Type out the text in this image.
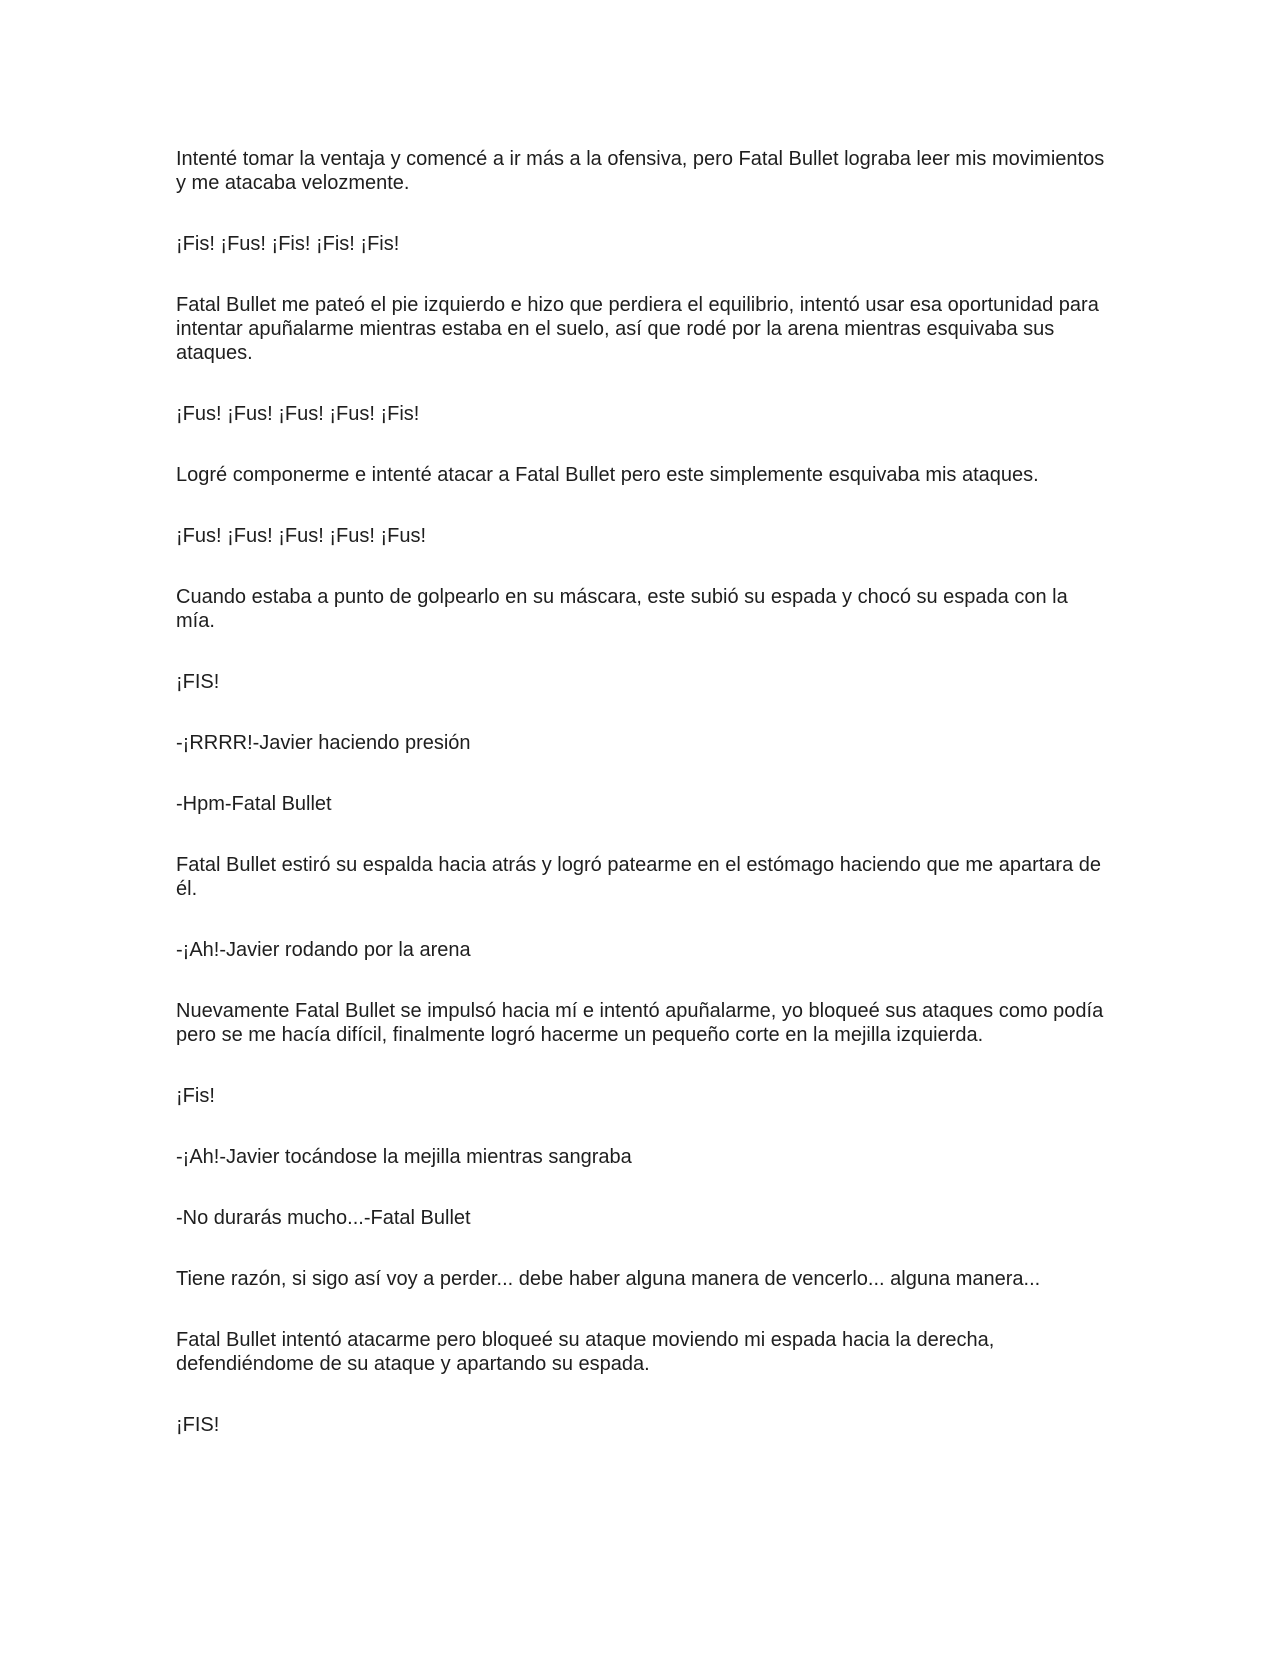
Intenté tomar la ventaja y comencé a ir más a la ofensiva, pero Fatal Bullet lograba leer mis movimientos y me atacaba velozmente.

¡Fis! ¡Fus! ¡Fis! ¡Fis! ¡Fis!

Fatal Bullet me pateó el pie izquierdo e hizo que perdiera el equilibrio, intentó usar esa oportunidad para intentar apuñalarme mientras estaba en el suelo, así que rodé por la arena mientras esquivaba sus ataques.

¡Fus! ¡Fus! ¡Fus! ¡Fus! ¡Fis!

Logré componerme e intenté atacar a Fatal Bullet pero este simplemente esquivaba mis ataques.

¡Fus! ¡Fus! ¡Fus! ¡Fus! ¡Fus!

Cuando estaba a punto de golpearlo en su máscara, este subió su espada y chocó su espada con la mía.

¡FIS!

-¡RRRR!-Javier haciendo presión

-Hpm-Fatal Bullet

Fatal Bullet estiró su espalda hacia atrás y logró patearme en el estómago haciendo que me apartara de él.

-¡Ah!-Javier rodando por la arena

Nuevamente Fatal Bullet se impulsó hacia mí e intentó apuñalarme, yo bloqueé sus ataques como podía pero se me hacía difícil, finalmente logró hacerme un pequeño corte en la mejilla izquierda.

¡Fis!

-¡Ah!-Javier tocándose la mejilla mientras sangraba

-No durarás mucho...-Fatal Bullet

Tiene razón, si sigo así voy a perder... debe haber alguna manera de vencerlo... alguna manera...

Fatal Bullet intentó atacarme pero bloqueé su ataque moviendo mi espada hacia la derecha, defendiéndome de su ataque y apartando su espada.

¡FIS!
